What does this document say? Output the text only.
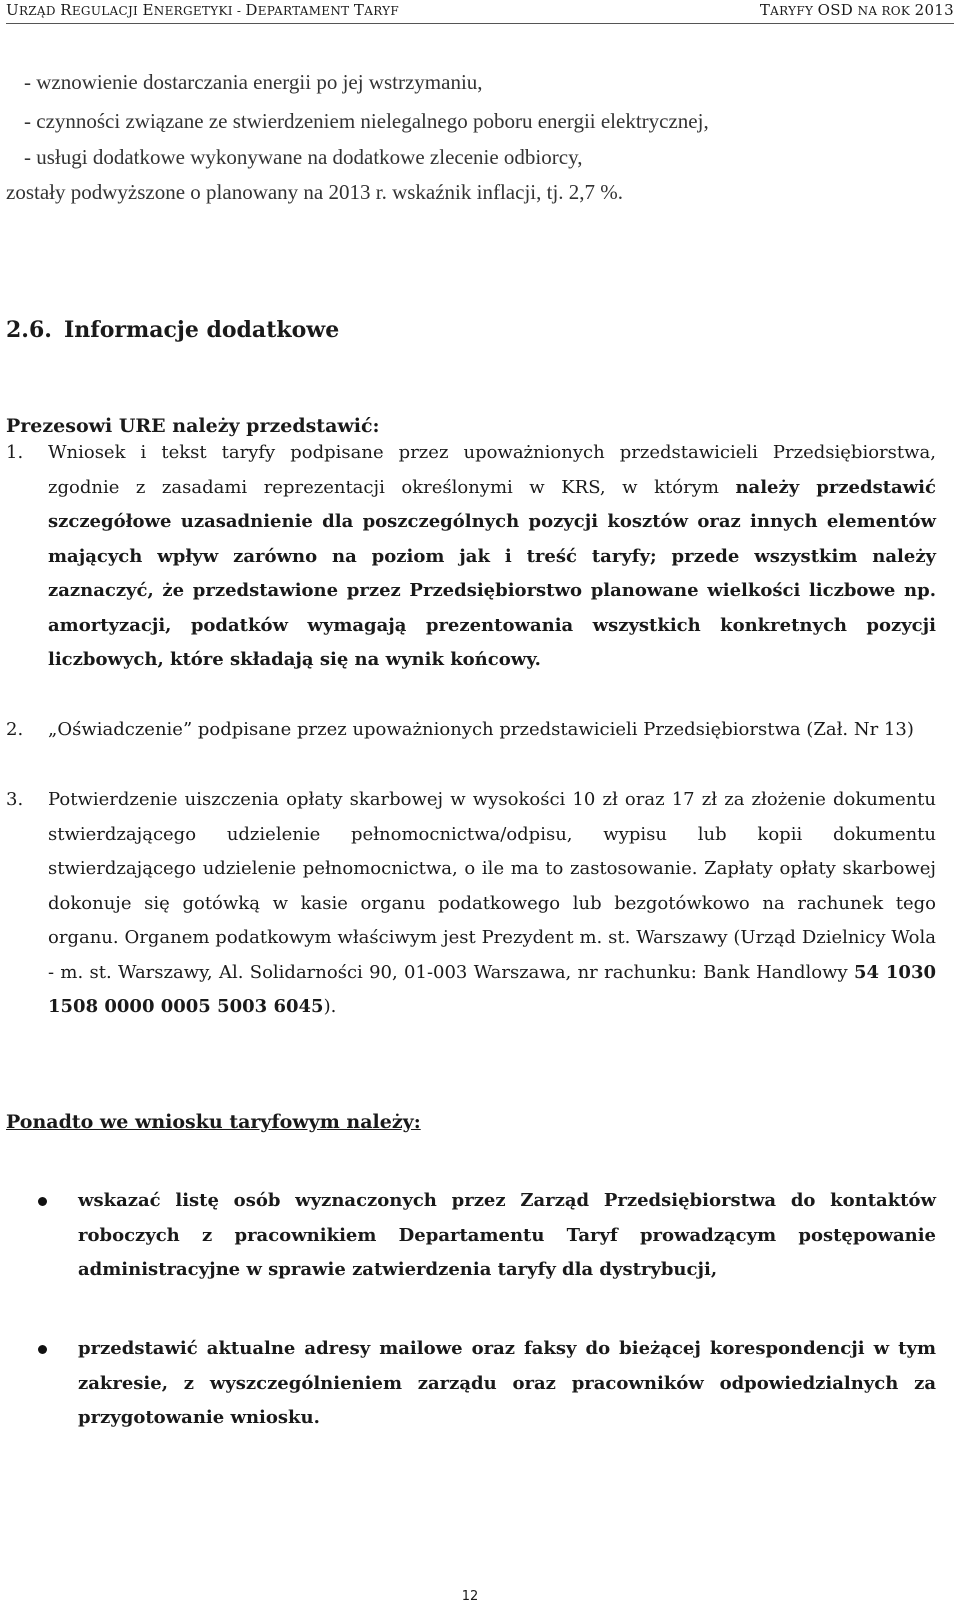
URZĄD REGULACJI ENERGETYKI - DEPARTAMENT TARYF	TARYFY OSD NA ROK 2013
- wznowienie dostarczania energii po jej wstrzymaniu,
- czynności związane ze stwierdzeniem nielegalnego poboru energii elektrycznej,
- usługi dodatkowe wykonywane na dodatkowe zlecenie odbiorcy,
zostały podwyższone o planowany na 2013 r. wskaźnik inflacji, tj. 2,7 %.
2.6. Informacje dodatkowe
Prezesowi URE należy przedstawić:
1. Wniosek i tekst taryfy podpisane przez upoważnionych przedstawicieli Przedsiębiorstwa, zgodnie z zasadami reprezentacji określonymi w KRS, w którym należy przedstawić szczegółowe uzasadnienie dla poszczególnych pozycji kosztów oraz innych elementów mających wpływ zarówno na poziom jak i treść taryfy; przede wszystkim należy zaznaczyć, że przedstawione przez Przedsiębiorstwo planowane wielkości liczbowe np. amortyzacji, podatków wymagają prezentowania wszystkich konkretnych pozycji liczbowych, które składają się na wynik końcowy.

2. „Oświadczenie” podpisane przez upoważnionych przedstawicieli Przedsiębiorstwa (Zał. Nr 13)

3. Potwierdzenie uiszczenia opłaty skarbowej w wysokości 10 zł oraz 17 zł za złożenie dokumentu stwierdzającego udzielenie pełnomocnictwa/odpisu, wypisu lub kopii dokumentu stwierdzającego udzielenie pełnomocnictwa, o ile ma to zastosowanie. Zapłaty opłaty skarbowej dokonuje się gotówką w kasie organu podatkowego lub bezgotówkowo na rachunek tego organu. Organem podatkowym właściwym jest Prezydent m. st. Warszawy (Urząd Dzielnicy Wola - m. st. Warszawy, Al. Solidarności 90, 01-003 Warszawa, nr rachunku: Bank Handlowy 54 1030 1508 0000 0005 5003 6045).

Ponadto we wniosku taryfowym należy:

wskazać listę osób wyznaczonych przez Zarząd Przedsiębiorstwa do kontaktów roboczych z pracownikiem Departamentu Taryf prowadzącym postępowanie administracyjne w sprawie zatwierdzenia taryfy dla dystrybucji,

przedstawić aktualne adresy mailowe oraz faksy do bieżącej korespondencji w tym zakresie, z wyszczególnieniem zarządu oraz pracowników odpowiedzialnych za przygotowanie wniosku.

12
